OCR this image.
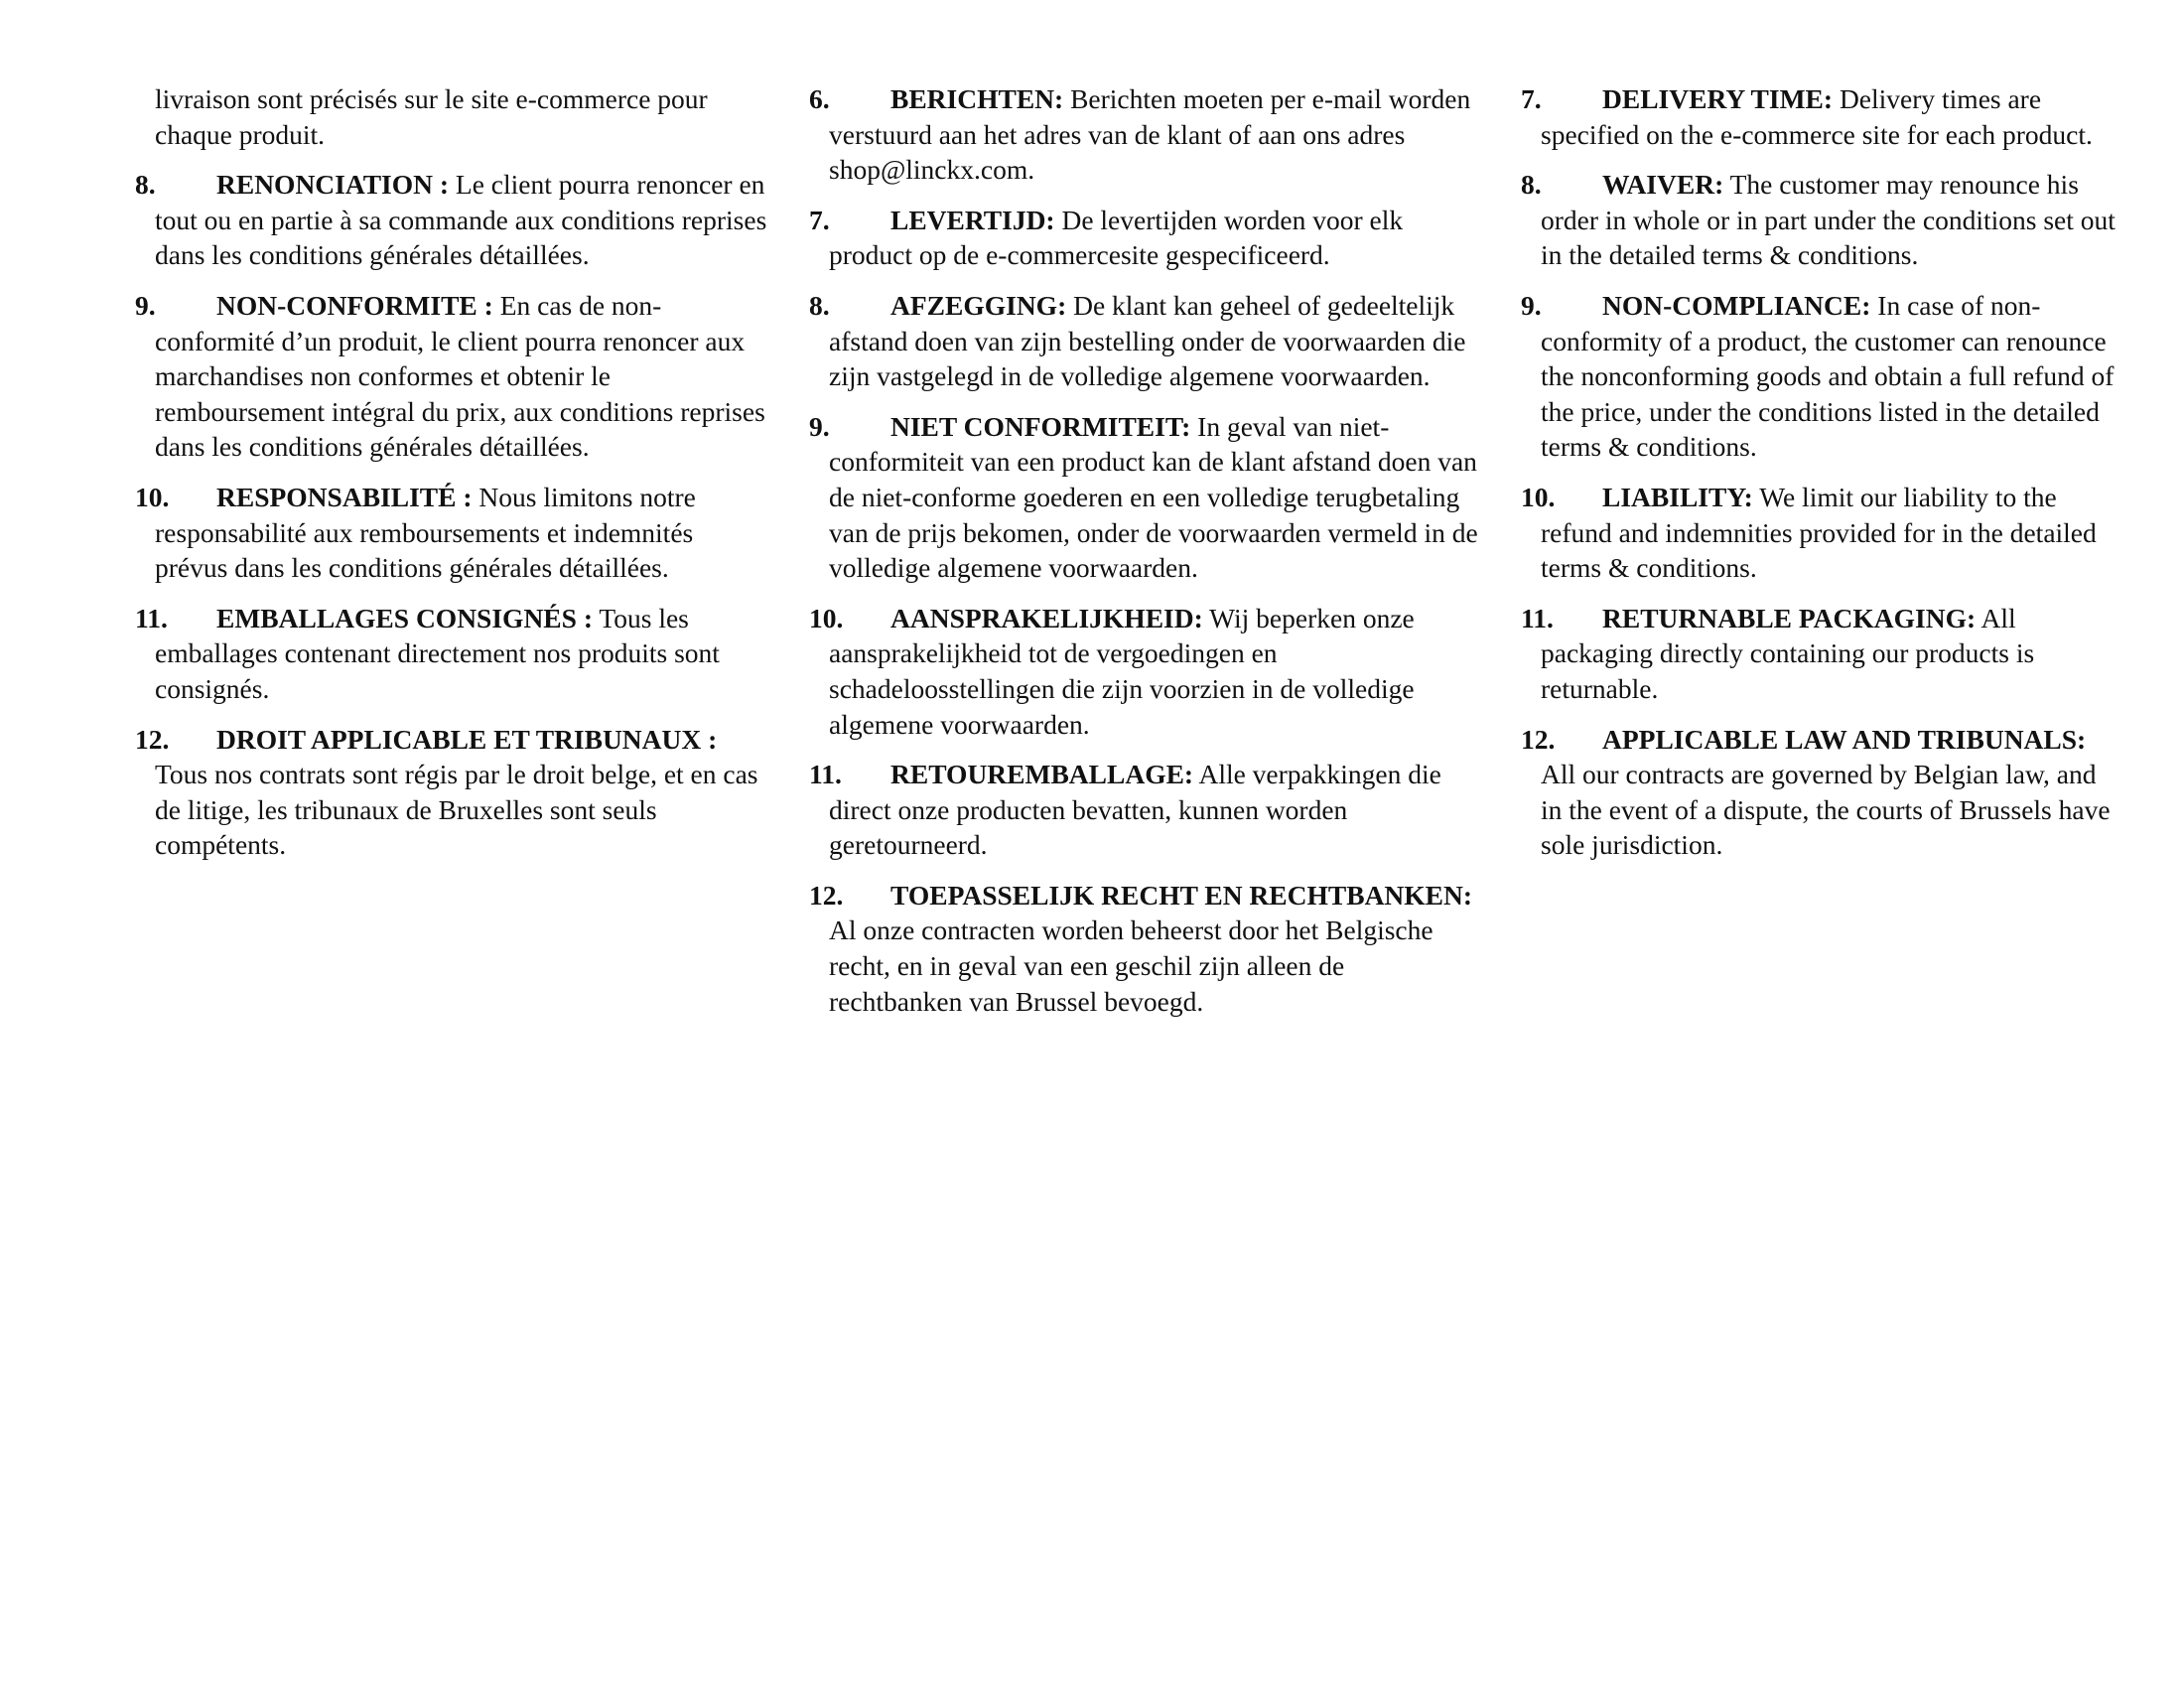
livraison sont précisés sur le site e-commerce pour chaque produit.

RENONCIATION : Le client pourra renoncer en tout ou en partie à sa commande aux conditions reprises dans les conditions générales détaillées.

8.

NON-CONFORMITE : En cas de non-conformité d’un produit, le client pourra renoncer aux marchandises non conformes et obtenir le remboursement intégral du prix, aux conditions reprises dans les conditions générales détaillées.

9.

RESPONSABILITÉ : Nous limitons notre responsabilité aux remboursements et indemnités prévus dans les conditions générales détaillées.

10.

EMBALLAGES CONSIGNÉS : Tous les emballages contenant directement nos produits sont consignés.

11.

DROIT APPLICABLE ET TRIBUNAUX : Tous nos contrats sont régis par le droit belge, et en cas de litige, les tribunaux de Bruxelles sont seuls compétents.

12.

BERICHTEN: Berichten moeten per e-mail worden verstuurd aan het adres van de klant of aan ons adres shop@linckx.com.

6.

LEVERTIJD: De levertijden worden voor elk product op de e-commercesite gespecificeerd.

7.

AFZEGGING: De klant kan geheel of gedeeltelijk afstand doen van zijn bestelling onder de voorwaarden die zijn vastgelegd in de volledige algemene voorwaarden.

8.

NIET CONFORMITEIT: In geval van niet-conformiteit van een product kan de klant afstand doen van de niet-conforme goederen en een volledige terugbetaling van de prijs bekomen, onder de voorwaarden vermeld in de volledige algemene voorwaarden.

9.

AANSPRAKELIJKHEID: Wij beperken onze aansprakelijkheid tot de vergoedingen en schadeloosstellingen die zijn voorzien in de volledige algemene voorwaarden.

10.

RETOUREMBALLAGE: Alle verpakkingen die direct onze producten bevatten, kunnen worden geretourneerd.

11.

TOEPASSELIJK RECHT EN RECHTBANKEN: Al onze contracten worden beheerst door het Belgische recht, en in geval van een geschil zijn alleen de rechtbanken van Brussel bevoegd.

12.

DELIVERY TIME: Delivery times are specified on the e-commerce site for each product.

7.

WAIVER: The customer may renounce his order in whole or in part under the conditions set out in the detailed terms & conditions.

8.

NON-COMPLIANCE: In case of non-conformity of a product, the customer can renounce the nonconforming goods and obtain a full refund of the price, under the conditions listed in the detailed terms & conditions.

9.

LIABILITY: We limit our liability to the refund and indemnities provided for in the detailed terms & conditions.

10.

RETURNABLE PACKAGING: All packaging directly containing our products is returnable.

11.

APPLICABLE LAW AND TRIBUNALS: All our contracts are governed by Belgian law, and in the event of a dispute, the courts of Brussels have sole jurisdiction.

12.
